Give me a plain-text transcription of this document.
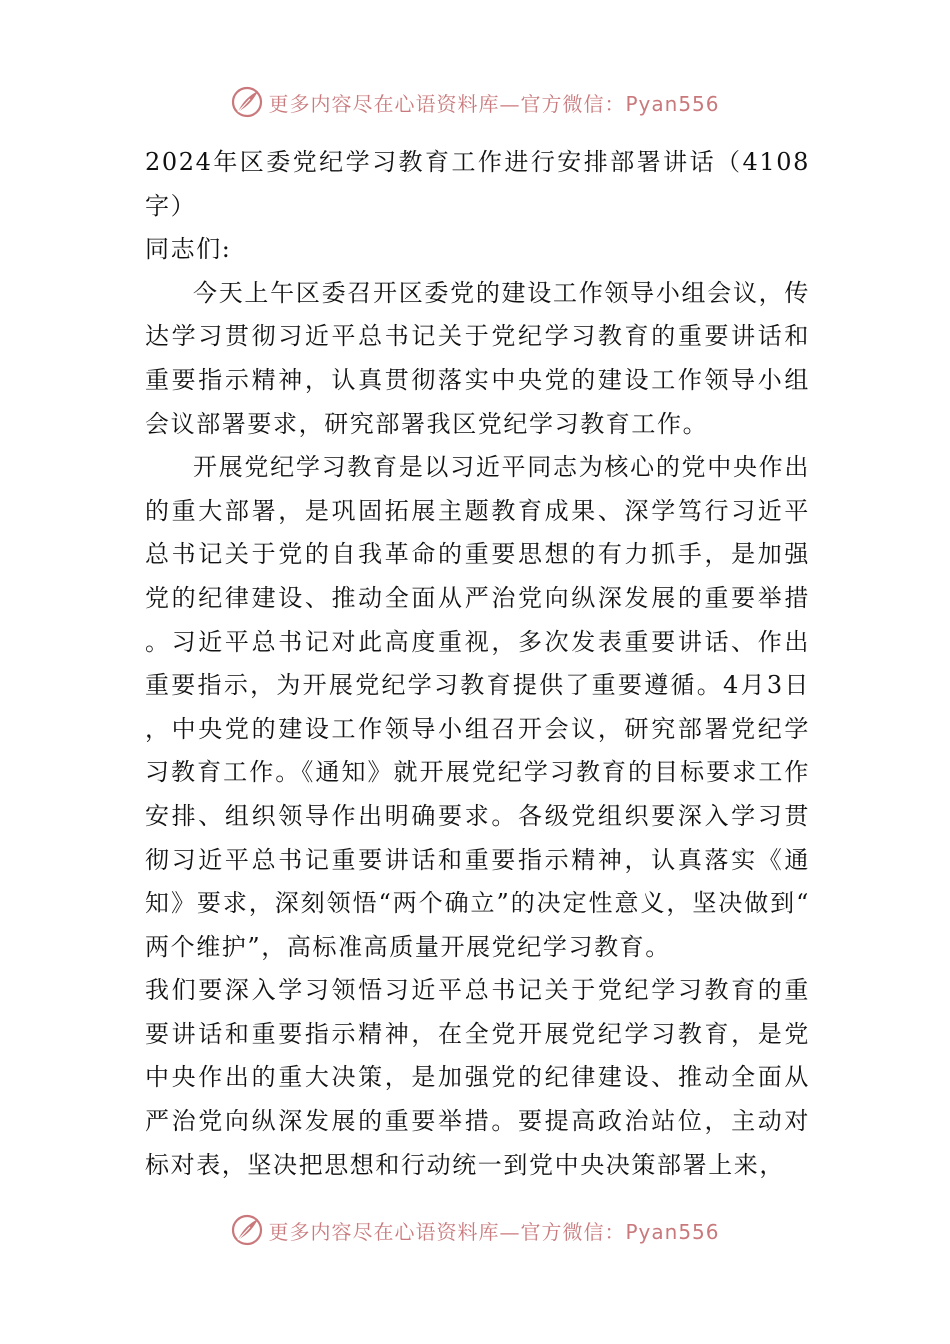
更多内容尽在心语资料库—官方微信：Pyan556

2024年区委党纪学习教育工作进行安排部署讲话（4108字）

同志们:

今天上午区委召开区委党的建设工作领导小组会议，传达学习贯彻习近平总书记关于党纪学习教育的重要讲话和重要指示精神，认真贯彻落实中央党的建设工作领导小组会议部署要求，研究部署我区党纪学习教育工作。

开展党纪学习教育是以习近平同志为核心的党中央作出的重大部署，是巩固拓展主题教育成果、深学笃行习近平总书记关于党的自我革命的重要思想的有力抓手，是加强党的纪律建设、推动全面从严治党向纵深发展的重要举措。习近平总书记对此高度重视，多次发表重要讲话、作出重要指示，为开展党纪学习教育提供了重要遵循。4月3日，中央党的建设工作领导小组召开会议，研究部署党纪学习教育工作。《通知》就开展党纪学习教育的目标要求工作安排、组织领导作出明确要求。各级党组织要深入学习贯彻习近平总书记重要讲话和重要指示精神，认真落实《通知》要求，深刻领悟“两个确立”的决定性意义，坚决做到“两个维护”，高标准高质量开展党纪学习教育。

我们要深入学习领悟习近平总书记关于党纪学习教育的重要讲话和重要指示精神，在全党开展党纪学习教育，是党中央作出的重大决策，是加强党的纪律建设、推动全面从严治党向纵深发展的重要举措。要提高政治站位，主动对标对表，坚决把思想和行动统一到党中央决策部署上来，

更多内容尽在心语资料库—官方微信：Pyan556
